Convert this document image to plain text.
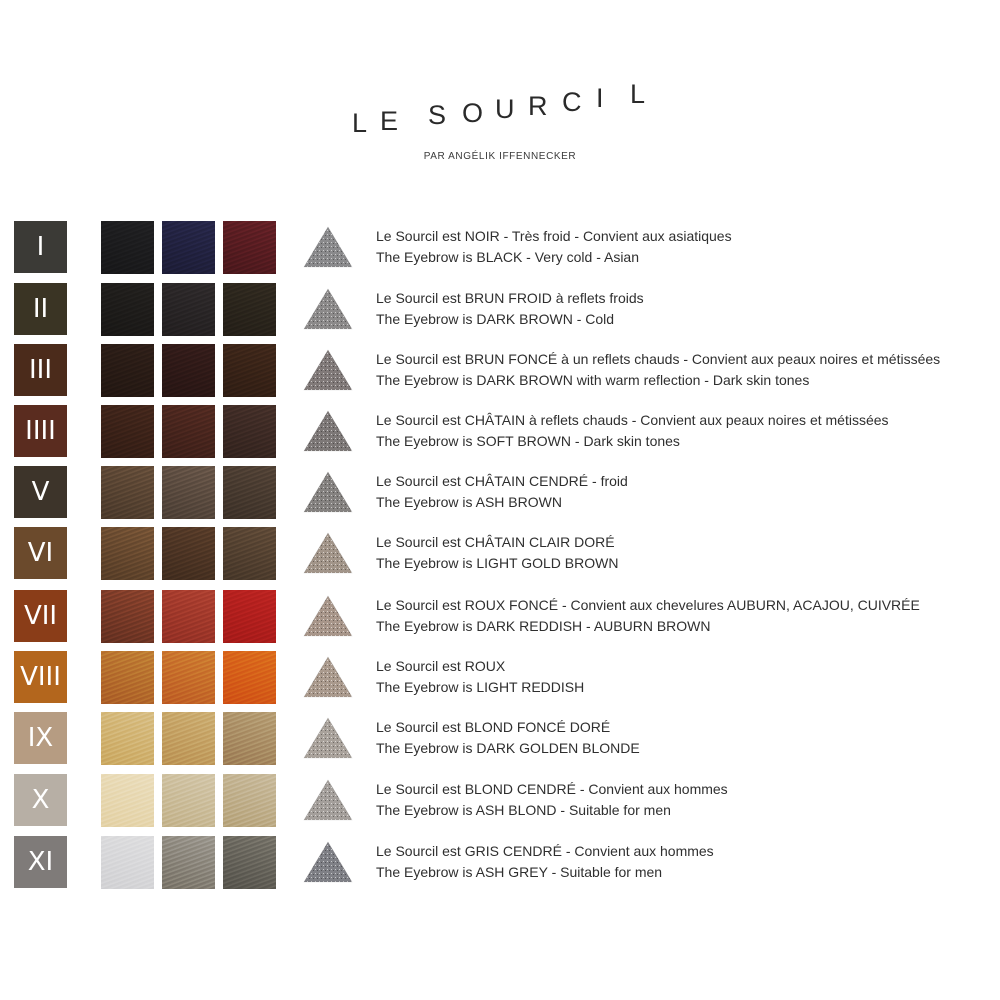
L E S O U R C I L
PAR ANGÉLIK IFFENNECKER
I	Le Sourcil est NOIR - Très froid - Convient aux asiatiques
The Eyebrow is BLACK - Very cold - Asian
II	Le Sourcil est BRUN FROID à reflets froids
The Eyebrow is DARK BROWN - Cold
III	Le Sourcil est BRUN FONCÉ à un reflets chauds - Convient aux peaux noires et métissées
The Eyebrow is DARK BROWN with warm reflection - Dark skin tones
IIII	Le Sourcil est CHÂTAIN à reflets chauds - Convient aux peaux noires et métissées
The Eyebrow is SOFT BROWN - Dark skin tones
V	Le Sourcil est CHÂTAIN CENDRÉ - froid
The Eyebrow is ASH BROWN
VI	Le Sourcil est CHÂTAIN CLAIR DORÉ
The Eyebrow is LIGHT GOLD BROWN
VII	Le Sourcil est ROUX FONCÉ - Convient aux chevelures AUBURN, ACAJOU, CUIVRÉE
The Eyebrow is DARK REDDISH - AUBURN BROWN
VIII	Le Sourcil est ROUX
The Eyebrow is LIGHT REDDISH
IX	Le Sourcil est BLOND FONCÉ DORÉ
The Eyebrow is DARK GOLDEN BLONDE
X	Le Sourcil est BLOND CENDRÉ - Convient aux hommes
The Eyebrow is ASH BLOND - Suitable for men
XI	Le Sourcil est GRIS CENDRÉ - Convient aux hommes
The Eyebrow is ASH GREY - Suitable for men
